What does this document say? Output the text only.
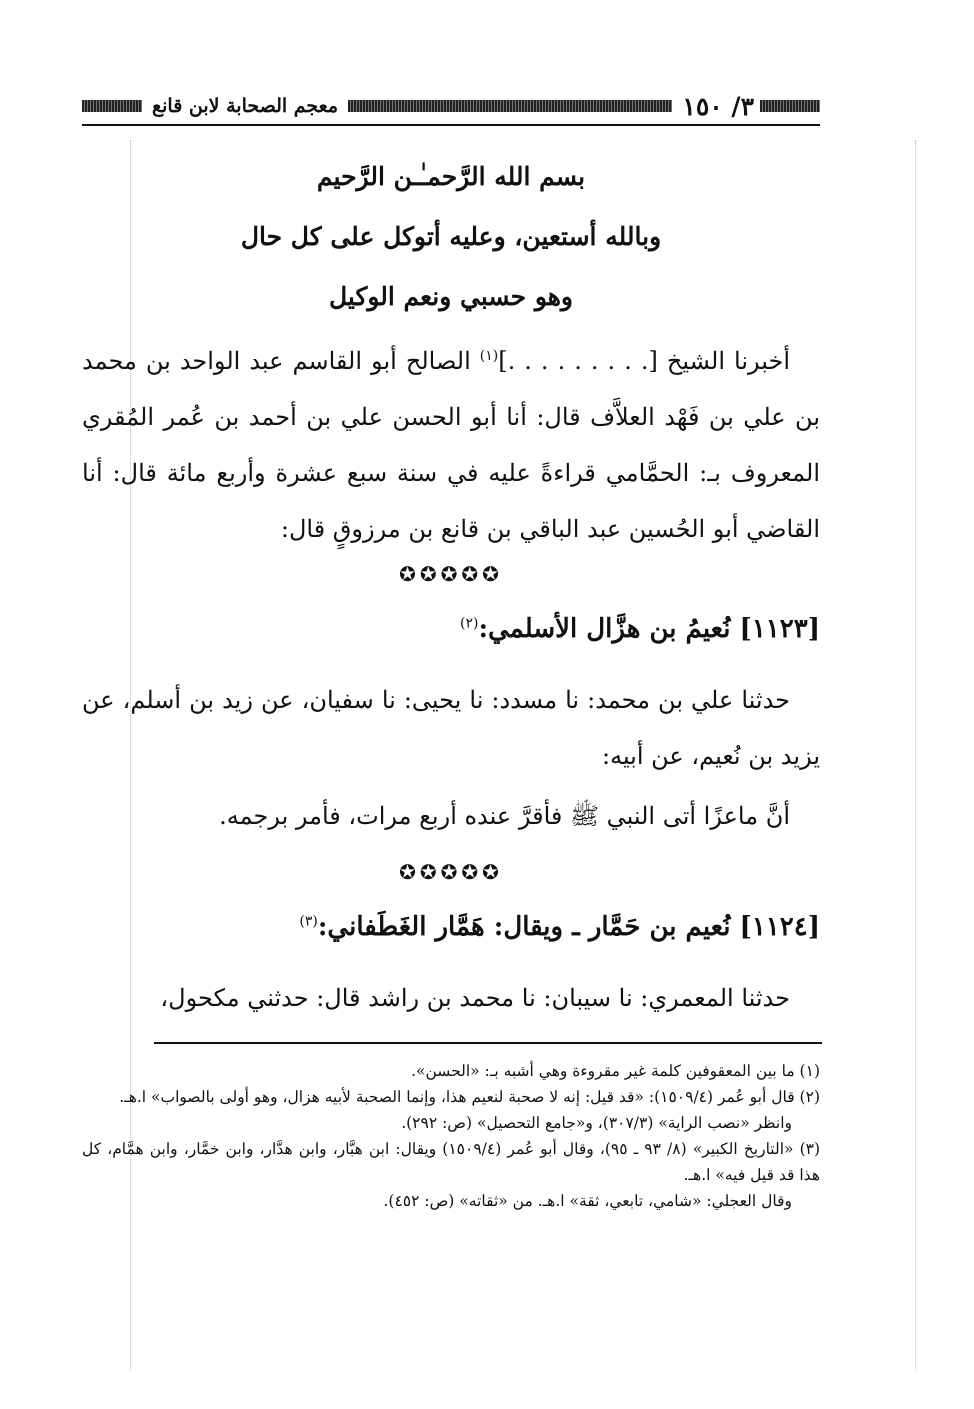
٣/ ١٥٠
معجم الصحابة لابن قانع
بسم الله الرَّحمـٰـن الرَّحيم
وبالله أستعين، وعليه أتوكل على كل حال
وهو حسبي ونعم الوكيل
أخبرنا الشيخ [. . . . . . . . .]$^{(١)}$ الصالح أبو القاسم عبد الواحد بن محمد بن علي بن فَهْد العلاَّف قال: أنا أبو الحسن علي بن أحمد بن عُمر المُقري المعروف بـ: الحمَّامي قراءةً عليه في سنة سبع عشرة وأربع مائة قال: أنا القاضي أبو الحُسين عبد الباقي بن قانع بن مرزوقٍ قال:
✪✪✪✪✪
[١١٢٣] نُعيمُ بن هزَّال الأسلمي:$^{(٢)}$
حدثنا علي بن محمد: نا مسدد: نا يحيى: نا سفيان، عن زيد بن أسلم، عن يزيد بن نُعيم، عن أبيه:
أنَّ ماعزًا أتى النبي ﷺ فأقرَّ عنده أربع مرات، فأمر برجمه.
✪✪✪✪✪
[١١٢٤] نُعيم بن حَمَّار ـ ويقال: هَمَّار الغَطَفاني:$^{(٣)}$
حدثنا المعمري: نا سيبان: نا محمد بن راشد قال: حدثني مكحول،
(١) ما بين المعقوفين كلمة غير مقروءة وهي أشبه بـ: «الحسن».
(٢) قال أبو عُمر (١٥٠٩/٤): «قد قيل: إنه لا صحبة لنعيم هذا، وإنما الصحبة لأبيه هزال، وهو أولى بالصواب» ا.هـ.
وانظر «نصب الراية» (٣٠٧/٣)، و«جامع التحصيل» (ص: ٢٩٢).
(٣) «التاريخ الكبير» (٨/ ٩٣ ـ ٩٥)، وقال أبو عُمر (١٥٠٩/٤) ويقال: ابن هبَّار، وابن هدَّار، وابن خمَّار، وابن همَّام، كل هذا قد قيل فيه» ا.هـ.
وقال العجلي: «شامي، تابعي، ثقة» ا.هـ. من «ثقاته» (ص: ٤٥٢).
